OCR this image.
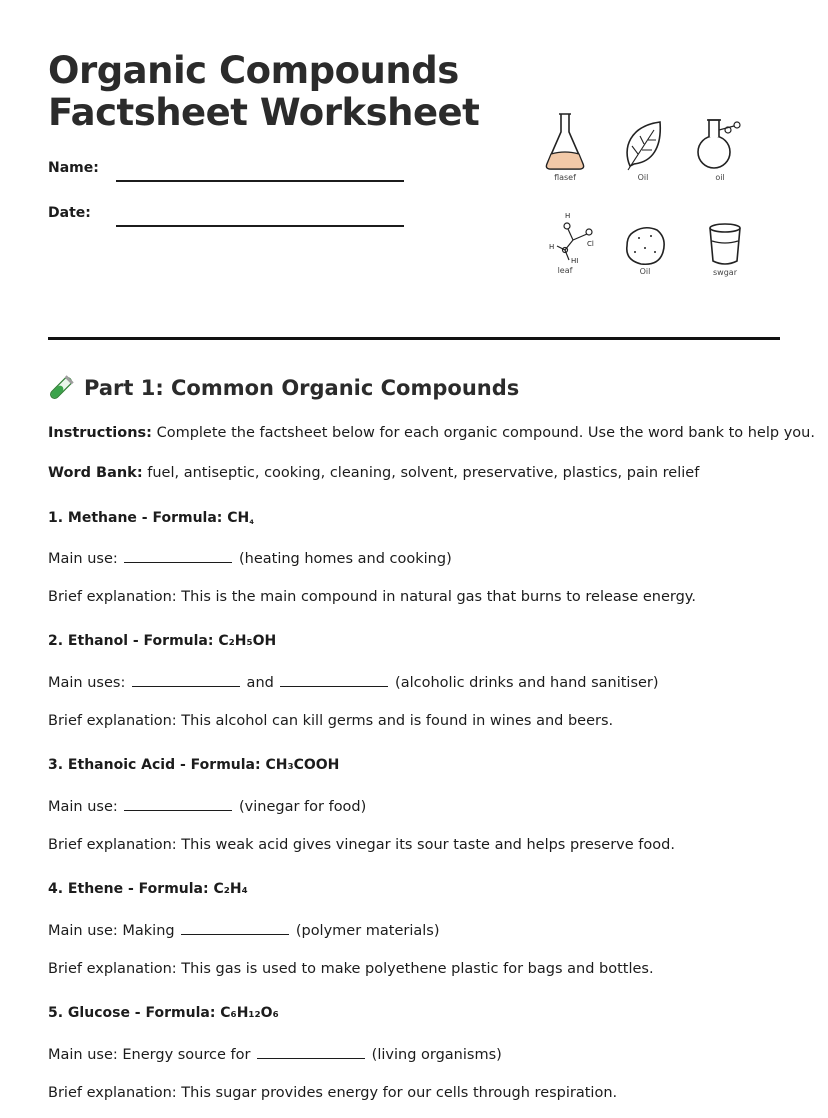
Organic Compounds
Factsheet Worksheet
Name:
Date:
flasef	Oil	oil
H
Cl
H
HI
leaf	Oil	swgar
Part 1: Common Organic Compounds
Instructions: Complete the factsheet below for each organic compound. Use the word bank to help you.
Word Bank: fuel, antiseptic, cooking, cleaning, solvent, preservative, plastics, pain relief
1. Methane - Formula: CH₄
Main use:	(heating homes and cooking)
Brief explanation: This is the main compound in natural gas that burns to release energy.
2. Ethanol - Formula: C₂H₅OH
Main uses:	and	(alcoholic drinks and hand sanitiser)
Brief explanation: This alcohol can kill germs and is found in wines and beers.
3. Ethanoic Acid - Formula: CH₃COOH
Main use:	(vinegar for food)
Brief explanation: This weak acid gives vinegar its sour taste and helps preserve food.
4. Ethene - Formula: C₂H₄
Main use: Making	(polymer materials)
Brief explanation: This gas is used to make polyethene plastic for bags and bottles.
5. Glucose - Formula: C₆H₁₂O₆
Main use: Energy source for	(living organisms)
Brief explanation: This sugar provides energy for our cells through respiration.
